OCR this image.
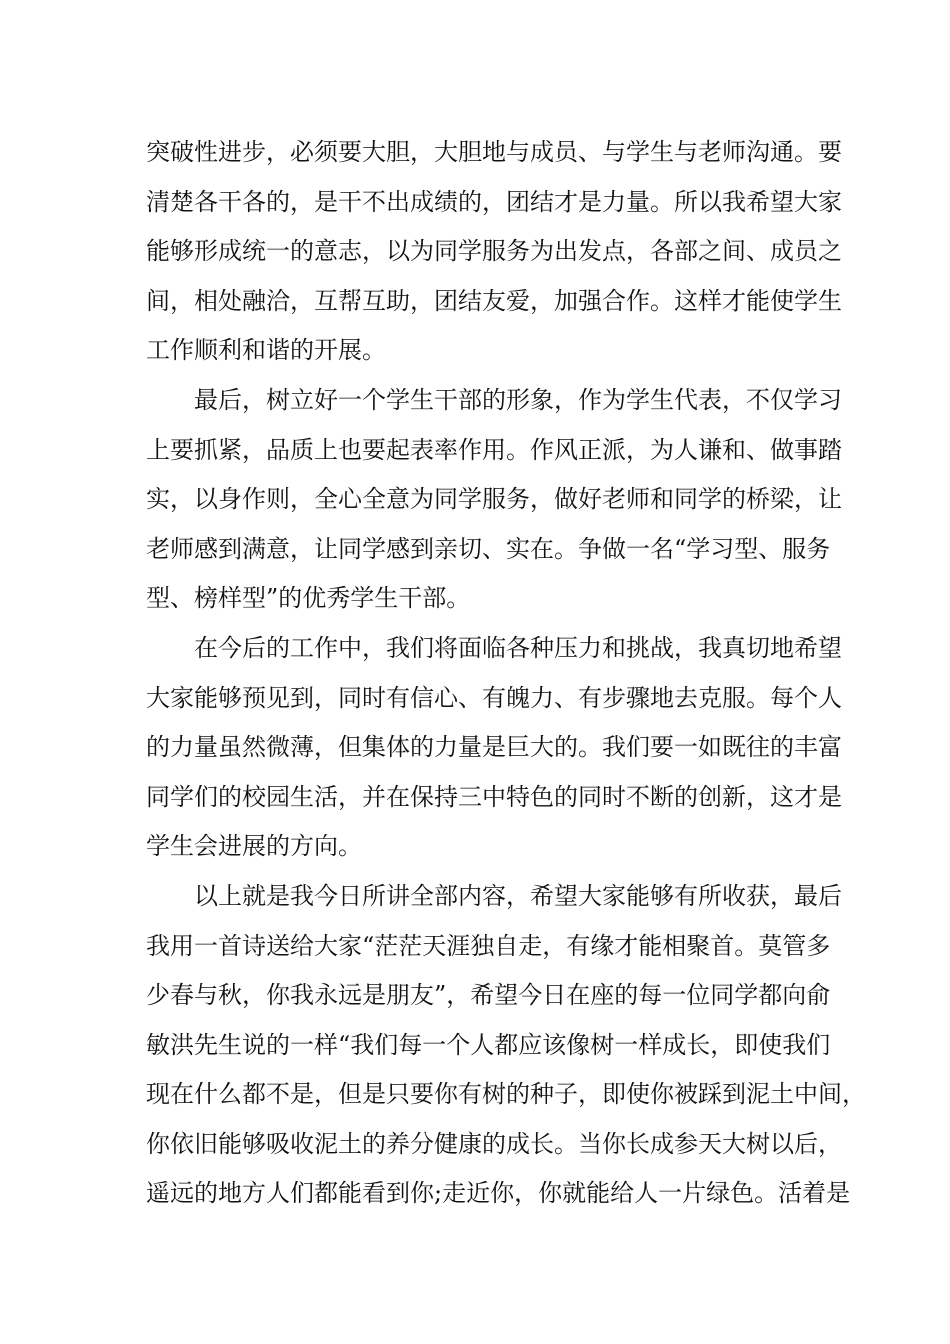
突破性进步，必须要大胆，大胆地与成员、与学生与老师沟通。要
清楚各干各的，是干不出成绩的，团结才是力量。所以我希望大家
能够形成统一的意志，以为同学服务为出发点，各部之间、成员之
间，相处融洽，互帮互助，团结友爱，加强合作。这样才能使学生
工作顺利和谐的开展。
最后，树立好一个学生干部的形象，作为学生代表，不仅学习
上要抓紧，品质上也要起表率作用。作风正派，为人谦和、做事踏
实，以身作则，全心全意为同学服务，做好老师和同学的桥梁，让
老师感到满意，让同学感到亲切、实在。争做一名“学习型、服务
型、榜样型”的优秀学生干部。
在今后的工作中，我们将面临各种压力和挑战，我真切地希望
大家能够预见到，同时有信心、有魄力、有步骤地去克服。每个人
的力量虽然微薄，但集体的力量是巨大的。我们要一如既往的丰富
同学们的校园生活，并在保持三中特色的同时不断的创新，这才是
学生会进展的方向。
以上就是我今日所讲全部内容，希望大家能够有所收获，最后
我用一首诗送给大家“茫茫天涯独自走，有缘才能相聚首。莫管多
少春与秋，你我永远是朋友”，希望今日在座的每一位同学都向俞
敏洪先生说的一样“我们每一个人都应该像树一样成长，即使我们
现在什么都不是，但是只要你有树的种子，即使你被踩到泥土中间，
你依旧能够吸收泥土的养分健康的成长。当你长成参天大树以后，
遥远的地方人们都能看到你;走近你，你就能给人一片绿色。活着是
